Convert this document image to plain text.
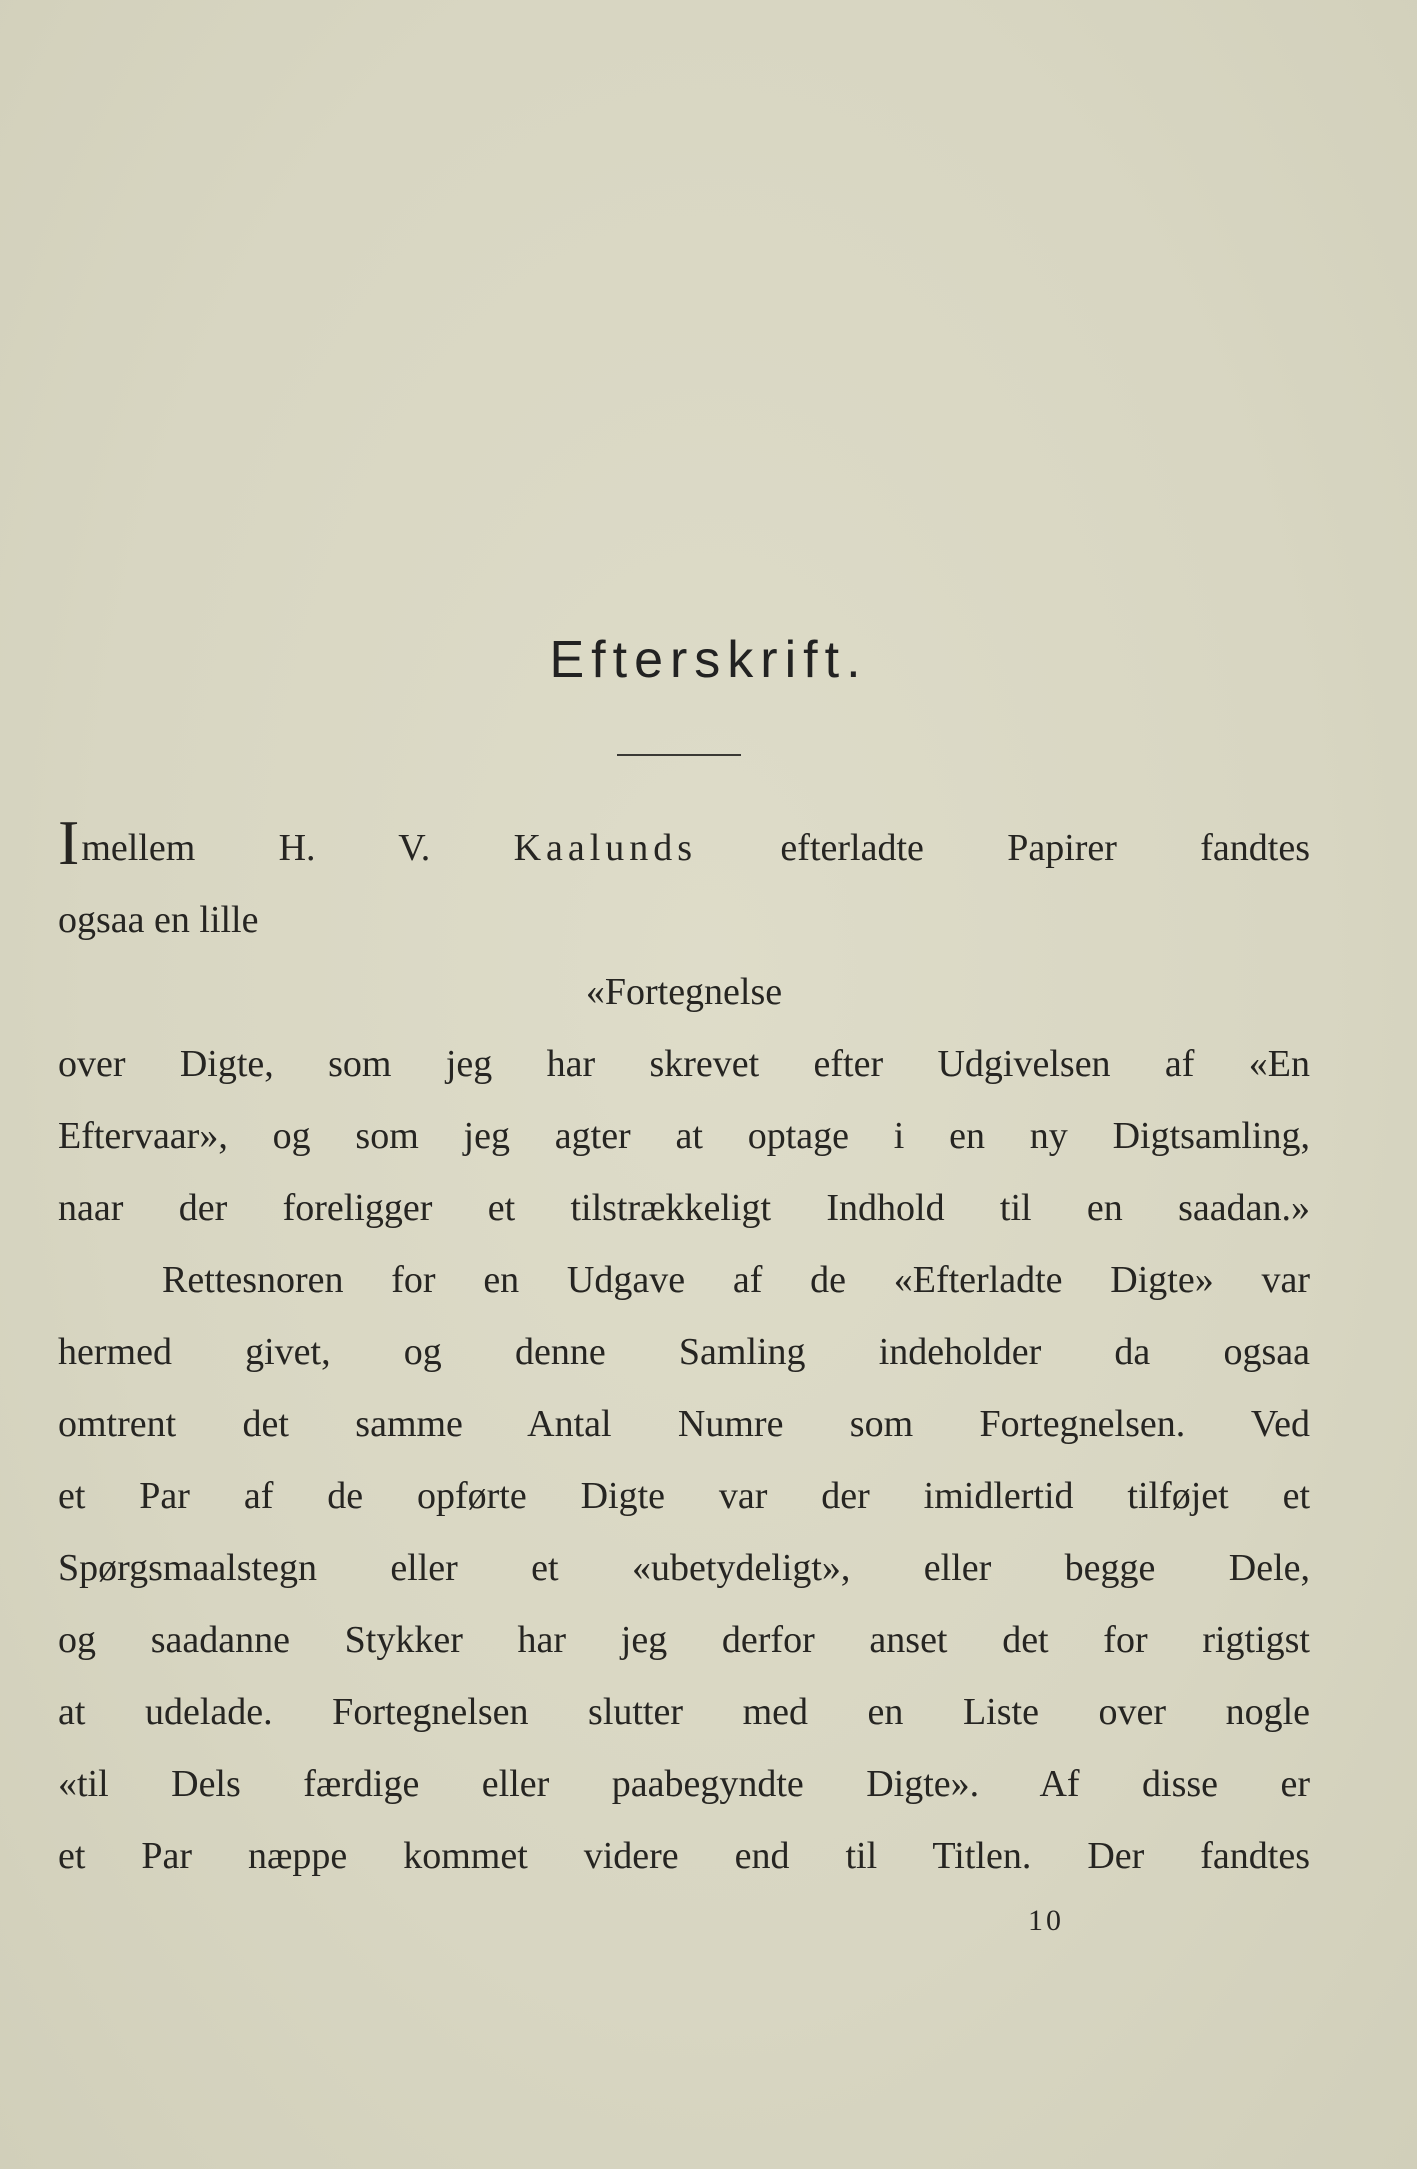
Efterskrift.
Imellem H. V. Kaalunds efterladte Papirer fandtes
ogsaa en lille
«Fortegnelse
over Digte, som jeg har skrevet efter Udgivelsen af «En
Eftervaar», og som jeg agter at optage i en ny Digtsamling,
naar der foreligger et tilstrækkeligt Indhold til en saadan.»
Rettesnoren for en Udgave af de «Efterladte Digte» var
hermed givet, og denne Samling indeholder da ogsaa
omtrent det samme Antal Numre som Fortegnelsen. Ved
et Par af de opførte Digte var der imidlertid tilføjet et
Spørgsmaalstegn eller et «ubetydeligt», eller begge Dele,
og saadanne Stykker har jeg derfor anset det for rigtigst
at udelade. Fortegnelsen slutter med en Liste over nogle
«til Dels færdige eller paabegyndte Digte». Af disse er
et Par næppe kommet videre end til Titlen. Der fandtes
10
